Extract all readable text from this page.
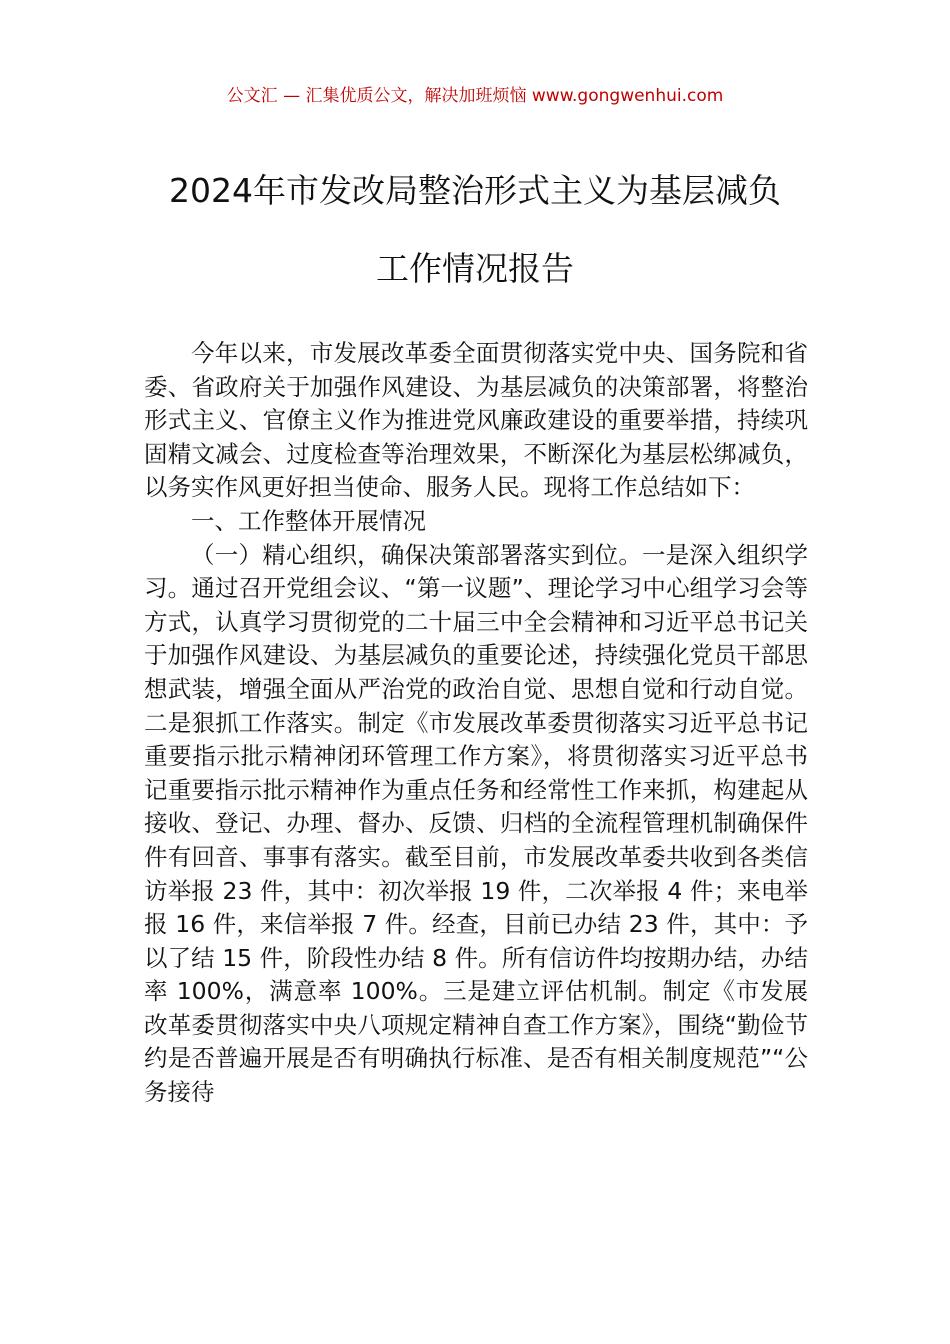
公文汇 — 汇集优质公文，解决加班烦恼 www.gongwenhui.com
2024年市发改局整治形式主义为基层减负
工作情况报告

今年以来，市发展改革委全面贯彻落实党中央、国务院和省委、省政府关于加强作风建设、为基层减负的决策部署，将整治形式主义、官僚主义作为推进党风廉政建设的重要举措，持续巩固精文减会、过度检查等治理效果，不断深化为基层松绑减负，以务实作风更好担当使命、服务人民。现将工作总结如下：

一、工作整体开展情况

（一）精心组织，确保决策部署落实到位。一是深入组织学习。通过召开党组会议、“第一议题”、理论学习中心组学习会等方式，认真学习贯彻党的二十届三中全会精神和习近平总书记关于加强作风建设、为基层减负的重要论述，持续强化党员干部思想武装，增强全面从严治党的政治自觉、思想自觉和行动自觉。二是狠抓工作落实。制定《市发展改革委贯彻落实习近平总书记重要指示批示精神闭环管理工作方案》，将贯彻落实习近平总书记重要指示批示精神作为重点任务和经常性工作来抓，构建起从接收、登记、办理、督办、反馈、归档的全流程管理机制确保件件有回音、事事有落实。截至目前，市发展改革委共收到各类信访举报 23 件，其中：初次举报 19 件，二次举报 4 件；来电举报 16 件，来信举报 7 件。经查，目前已办结 23 件，其中：予以了结 15 件，阶段性办结 8 件。所有信访件均按期办结，办结率 100%，满意率 100%。三是建立评估机制。制定《市发展改革委贯彻落实中央八项规定精神自查工作方案》，围绕“勤俭节约是否普遍开展是否有明确执行标准、是否有相关制度规范”“公务接待
